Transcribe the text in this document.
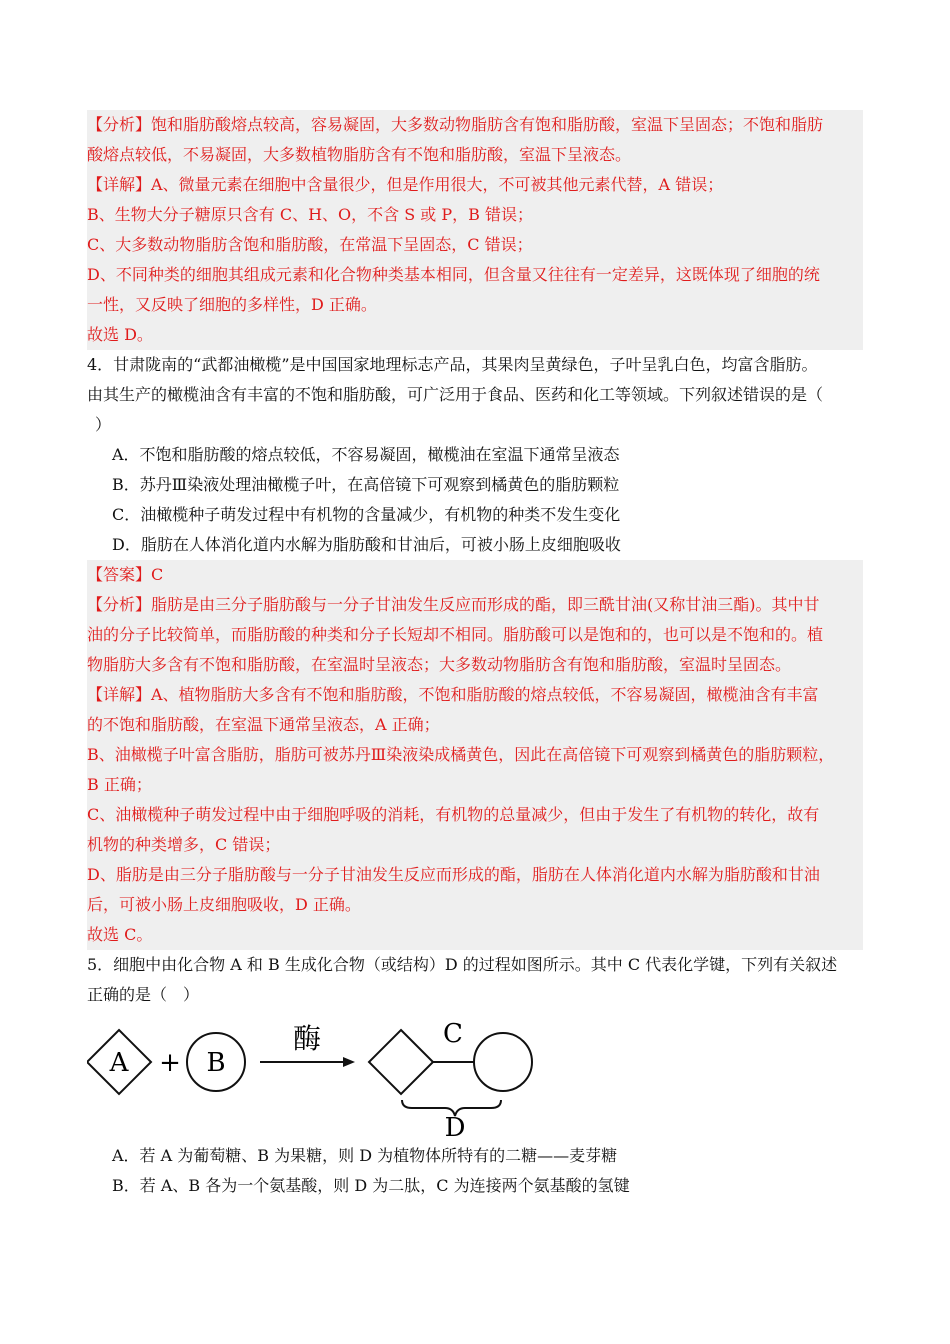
【分析】饱和脂肪酸熔点较高，容易凝固，大多数动物脂肪含有饱和脂肪酸，室温下呈固态；不饱和脂肪
酸熔点较低，不易凝固，大多数植物脂肪含有不饱和脂肪酸，室温下呈液态。
【详解】A、微量元素在细胞中含量很少，但是作用很大，不可被其他元素代替，A 错误；
B、生物大分子糖原只含有 C、H、O，不含 S 或 P，B 错误；
C、大多数动物脂肪含饱和脂肪酸，在常温下呈固态，C 错误；
D、不同种类的细胞其组成元素和化合物种类基本相同，但含量又往往有一定差异，这既体现了细胞的统
一性，又反映了细胞的多样性，D 正确。
故选 D。
4．甘肃陇南的“武都油橄榄”是中国国家地理标志产品，其果肉呈黄绿色，子叶呈乳白色，均富含脂肪。
由其生产的橄榄油含有丰富的不饱和脂肪酸，可广泛用于食品、医药和化工等领域。下列叙述错误的是（
）
A．不饱和脂肪酸的熔点较低，不容易凝固，橄榄油在室温下通常呈液态
B．苏丹Ⅲ染液处理油橄榄子叶，在高倍镜下可观察到橘黄色的脂肪颗粒
C．油橄榄种子萌发过程中有机物的含量减少，有机物的种类不发生变化
D．脂肪在人体消化道内水解为脂肪酸和甘油后，可被小肠上皮细胞吸收
【答案】C
【分析】脂肪是由三分子脂肪酸与一分子甘油发生反应而形成的酯，即三酰甘油(又称甘油三酯)。其中甘
油的分子比较简单，而脂肪酸的种类和分子长短却不相同。脂肪酸可以是饱和的，也可以是不饱和的。植
物脂肪大多含有不饱和脂肪酸，在室温时呈液态；大多数动物脂肪含有饱和脂肪酸，室温时呈固态。
【详解】A、植物脂肪大多含有不饱和脂肪酸，不饱和脂肪酸的熔点较低，不容易凝固，橄榄油含有丰富
的不饱和脂肪酸，在室温下通常呈液态，A 正确；
B、油橄榄子叶富含脂肪，脂肪可被苏丹Ⅲ染液染成橘黄色，因此在高倍镜下可观察到橘黄色的脂肪颗粒，
B 正确；
C、油橄榄种子萌发过程中由于细胞呼吸的消耗，有机物的总量减少，但由于发生了有机物的转化，故有
机物的种类增多，C 错误；
D、脂肪是由三分子脂肪酸与一分子甘油发生反应而形成的酯，脂肪在人体消化道内水解为脂肪酸和甘油
后，可被小肠上皮细胞吸收，D 正确。
故选 C。
5．细胞中由化合物 A 和 B 生成化合物（或结构）D 的过程如图所示。其中 C 代表化学键，下列有关叙述
正确的是（　）
A + B
酶	C
D
A．若 A 为葡萄糖、B 为果糖，则 D 为植物体所特有的二糖——麦芽糖
B．若 A、B 各为一个氨基酸，则 D 为二肽，C 为连接两个氨基酸的氢键
